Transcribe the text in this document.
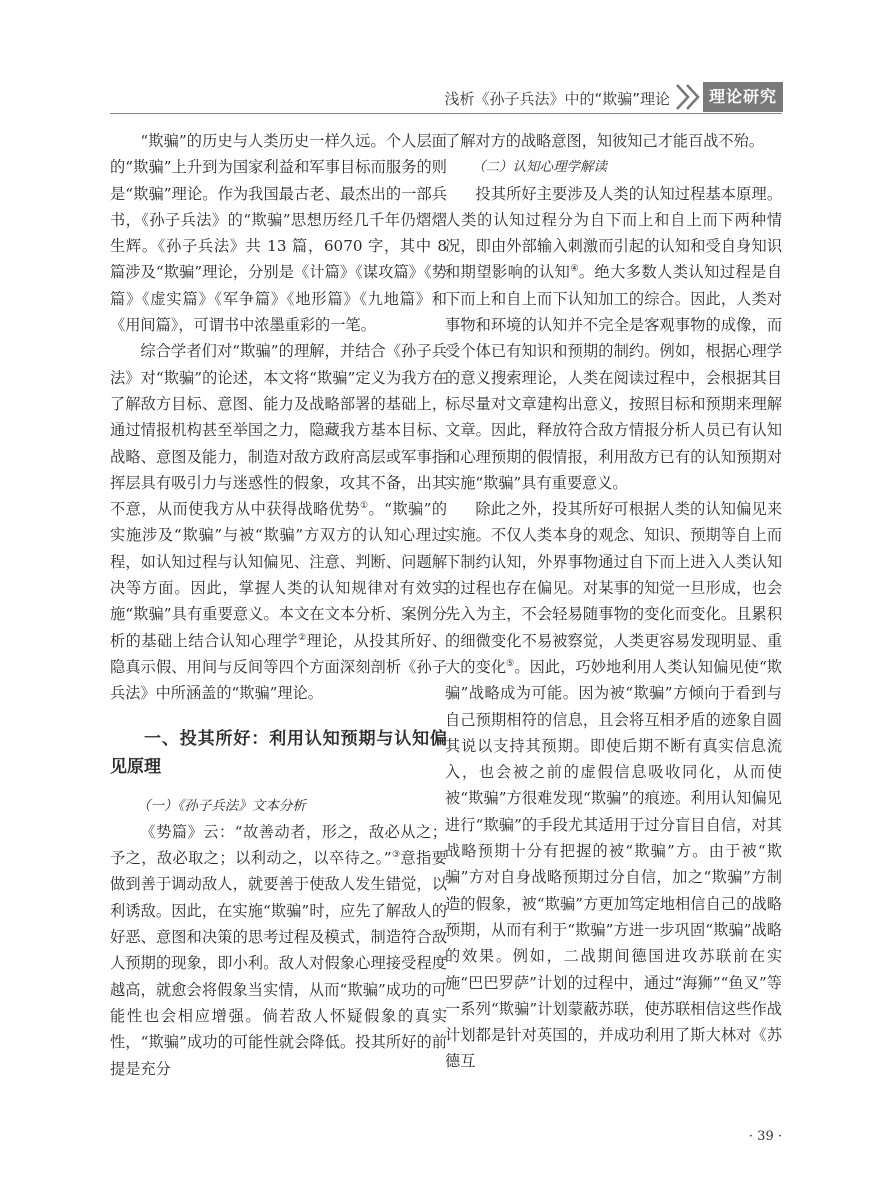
浅析《孙子兵法》中的“欺骗”理论	理论研究

“欺骗”的历史与人类历史一样久远。个人层面的“欺骗”上升到为国家利益和军事目标而服务的则是“欺骗”理论。作为我国最古老、最杰出的一部兵书，《孙子兵法》的“欺骗”思想历经几千年仍熠熠生辉。《孙子兵法》共 13 篇，6070 字，其中 8 篇涉及“欺骗”理论，分别是《计篇》《谋攻篇》《势篇》《虚实篇》《军争篇》《地形篇》《九地篇》和《用间篇》，可谓书中浓墨重彩的一笔。

综合学者们对“欺骗”的理解，并结合《孙子兵法》对“欺骗”的论述，本文将“欺骗”定义为我方在了解敌方目标、意图、能力及战略部署的基础上，通过情报机构甚至举国之力，隐藏我方基本目标、战略、意图及能力，制造对敌方政府高层或军事指挥层具有吸引力与迷惑性的假象，攻其不备，出其不意，从而使我方从中获得战略优势①。“欺骗”的实施涉及“欺骗”与被“欺骗”方双方的认知心理过程，如认知过程与认知偏见、注意、判断、问题解决等方面。因此，掌握人类的认知规律对有效实施“欺骗”具有重要意义。本文在文本分析、案例分析的基础上结合认知心理学②理论，从投其所好、隐真示假、用间与反间等四个方面深刻剖析《孙子兵法》中所涵盖的“欺骗”理论。

一、投其所好：利用认知预期与认知偏见原理

（一）《孙子兵法》文本分析

《势篇》云：“故善动者，形之，敌必从之；予之，敌必取之；以利动之，以卒待之。”③意指要做到善于调动敌人，就要善于使敌人发生错觉，以利诱敌。因此，在实施“欺骗”时，应先了解敌人的好恶、意图和决策的思考过程及模式，制造符合敌人预期的现象，即小利。敌人对假象心理接受程度越高，就愈会将假象当实情，从而“欺骗”成功的可能性也会相应增强。倘若敌人怀疑假象的真实性，“欺骗”成功的可能性就会降低。投其所好的前提是充分

了解对方的战略意图，知彼知己才能百战不殆。

（二）认知心理学解读

投其所好主要涉及人类的认知过程基本原理。人类的认知过程分为自下而上和自上而下两种情况，即由外部输入刺激而引起的认知和受自身知识和期望影响的认知④。绝大多数人类认知过程是自下而上和自上而下认知加工的综合。因此，人类对事物和环境的认知并不完全是客观事物的成像，而受个体已有知识和预期的制约。例如，根据心理学的意义搜索理论，人类在阅读过程中，会根据其目标尽量对文章建构出意义，按照目标和预期来理解文章。因此，释放符合敌方情报分析人员已有认知和心理预期的假情报，利用敌方已有的认知预期对实施“欺骗”具有重要意义。

除此之外，投其所好可根据人类的认知偏见来实施。不仅人类本身的观念、知识、预期等自上而下制约认知，外界事物通过自下而上进入人类认知的过程也存在偏见。对某事的知觉一旦形成，也会先入为主，不会轻易随事物的变化而变化。且累积的细微变化不易被察觉，人类更容易发现明显、重大的变化⑤。因此，巧妙地利用人类认知偏见使“欺骗”战略成为可能。因为被“欺骗”方倾向于看到与自己预期相符的信息，且会将互相矛盾的迹象自圆其说以支持其预期。即使后期不断有真实信息流入，也会被之前的虚假信息吸收同化，从而使被“欺骗”方很难发现“欺骗”的痕迹。利用认知偏见进行“欺骗”的手段尤其适用于过分盲目自信，对其战略预期十分有把握的被“欺骗”方。由于被“欺骗”方对自身战略预期过分自信，加之“欺骗”方制造的假象，被“欺骗”方更加笃定地相信自己的战略预期，从而有利于“欺骗”方进一步巩固“欺骗”战略的效果。例如，二战期间德国进攻苏联前在实施“巴巴罗萨”计划的过程中，通过“海狮”“鱼叉”等一系列“欺骗”计划蒙蔽苏联，使苏联相信这些作战计划都是针对英国的，并成功利用了斯大林对《苏德互

· 39 ·
